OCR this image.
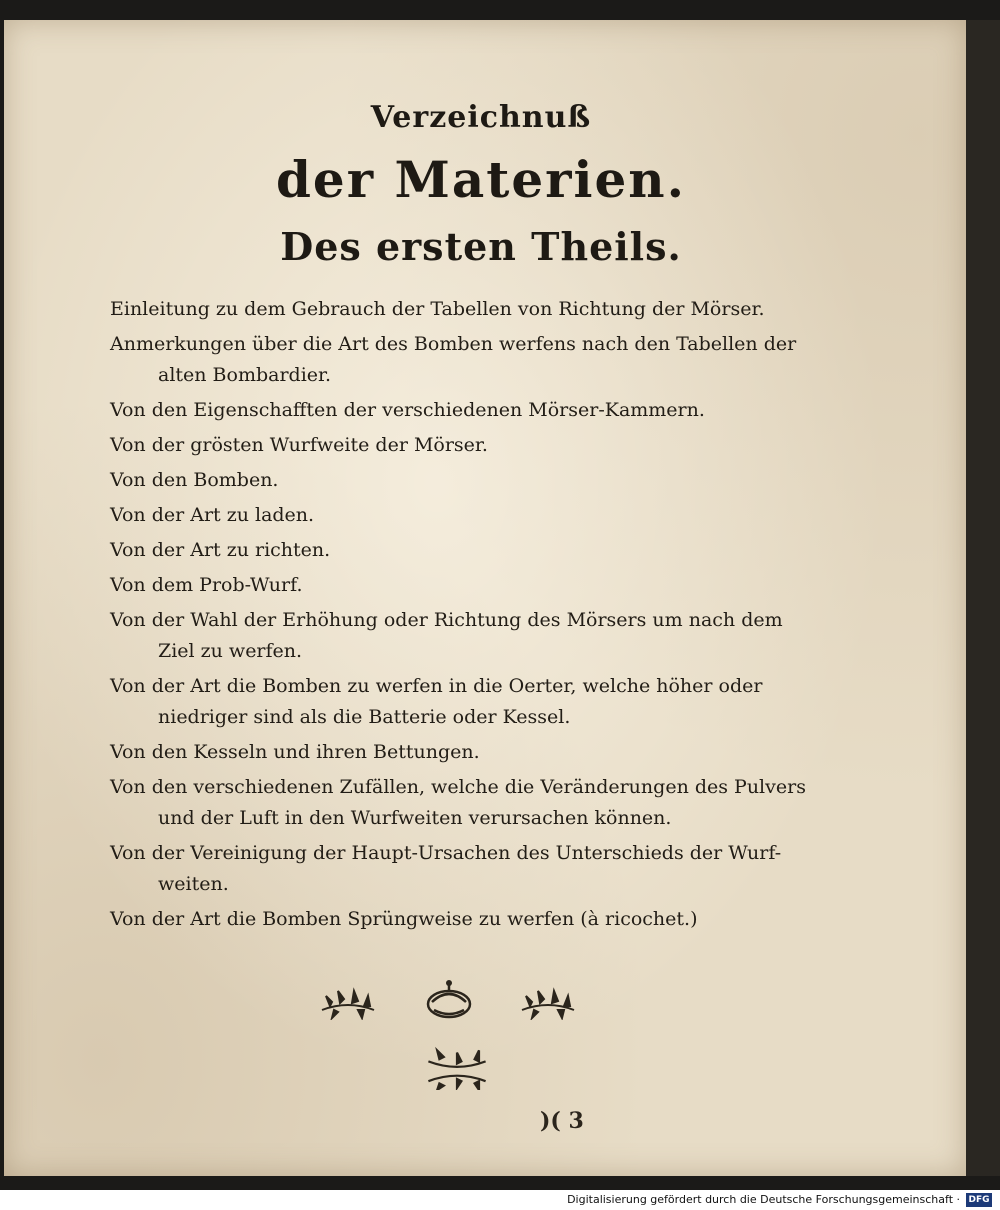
Verzeichnuß
der Materien.
Des ersten Theils.
Einleitung zu dem Gebrauch der Tabellen von Richtung der Mörser.
Anmerkungen über die Art des Bomben werfens nach den Tabellen der
alten Bombardier.
Von den Eigenschafften der verschiedenen Mörser-Kammern.
Von der grösten Wurfweite der Mörser.
Von den Bomben.
Von der Art zu laden.
Von der Art zu richten.
Von dem Prob-Wurf.
Von der Wahl der Erhöhung oder Richtung des Mörsers um nach dem
Ziel zu werfen.
Von der Art die Bomben zu werfen in die Oerter, welche höher oder
niedriger sind als die Batterie oder Kessel.
Von den Kesseln und ihren Bettungen.
Von den verschiedenen Zufällen, welche die Veränderungen des Pulvers
und der Luft in den Wurfweiten verursachen können.
Von der Vereinigung der Haupt-Ursachen des Unterschieds der Wurf-
weiten.
Von der Art die Bomben Sprüngweise zu werfen (à ricochet.)
)( 3
Digitalisierung gefördert durch die Deutsche Forschungsgemeinschaft · DFG
